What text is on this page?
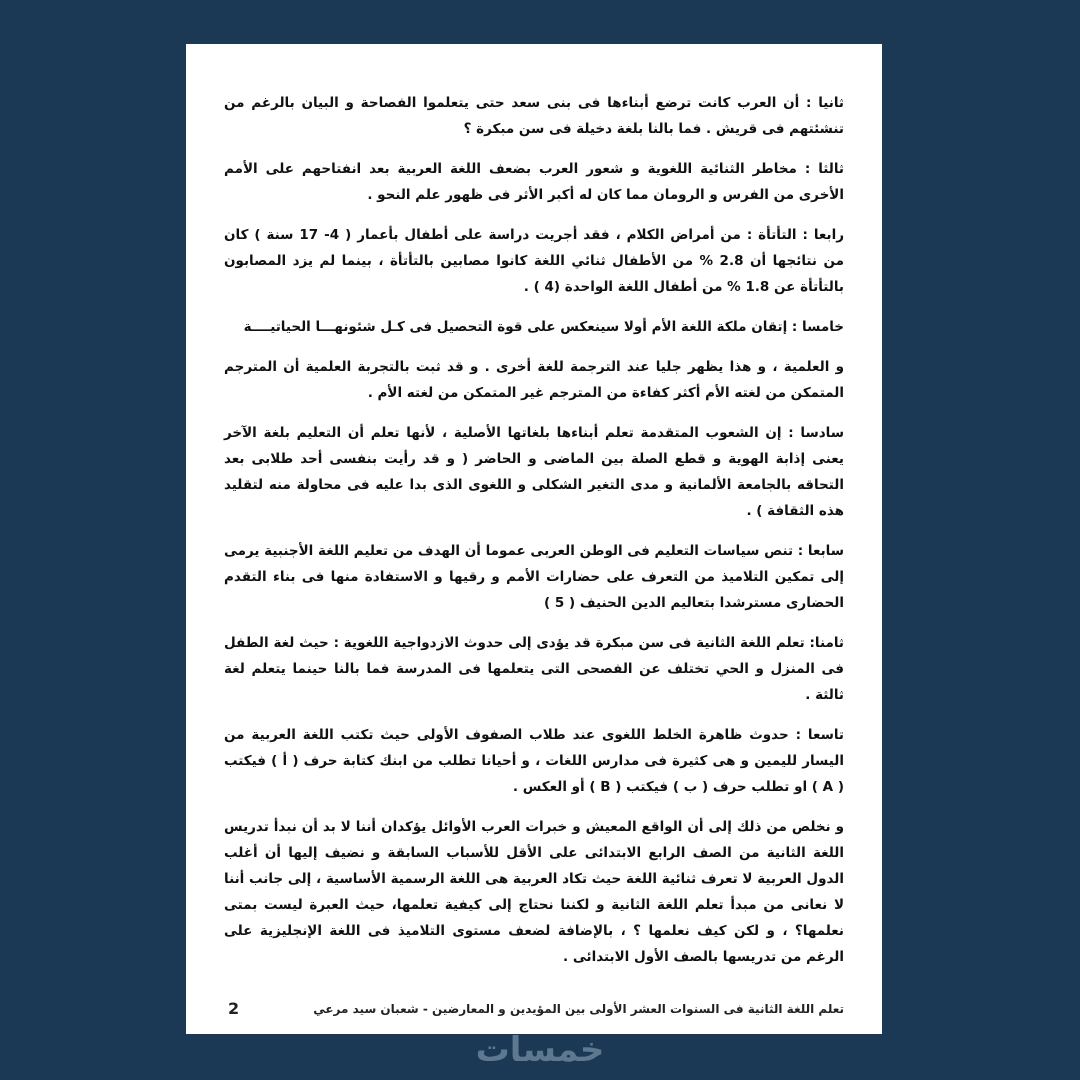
ثانيا : أن العرب كانت ترضع أبناءها فى بنى سعد حتى يتعلموا الفصاحة و البيان بالرغم من تنشئتهم فى قريش . فما بالنا بلغة دخيلة فى سن مبكرة ؟

ثالثا : مخاطر الثنائية اللغوية و شعور العرب بضعف اللغة العربية بعد انفتاحهم على الأمم الأخرى من الفرس و الرومان مما كان له أكبر الأثر فى ظهور علم النحو .

رابعا : التأتأة : من أمراض الكلام ، فقد أجريت دراسة على أطفال بأعمار ( 4- 17 سنة ) كان من نتائجها أن 2.8 % من الأطفال ثنائي اللغة كانوا مصابين بالتأتأة ، بينما لم يزد المصابون بالتأتأة عن 1.8 % من أطفال اللغة الواحدة (4 ) .

خامسا : إتقان ملكة اللغة الأم أولا سينعكس على قوة التحصيل فى كـل شئونهـــا الحياتيــــة

و العلمية ، و هذا يظهر جليا عند الترجمة للغة أخرى . و قد ثبت بالتجربة العلمية أن المترجم المتمكن من لغته الأم أكثر كفاءة من المترجم غير المتمكن من لغته الأم .

سادسا : إن الشعوب المتقدمة تعلم أبناءها بلغاتها الأصلية ، لأنها تعلم أن التعليم بلغة الآخر يعنى إذابة الهوية و قطع الصلة بين الماضى و الحاضر ( و قد رأيت بنفسى أحد طلابى بعد التحاقه بالجامعة الألمانية و مدى التغير الشكلى و اللغوى الذى بدا عليه فى محاولة منه لتقليد هذه الثقافة ) .

سابعا : تنص سياسات التعليم فى الوطن العربى عموما أن الهدف من تعليم اللغة الأجنبية يرمى إلى تمكين التلاميذ من التعرف على حضارات الأمم و رقيها و الاستفادة منها فى بناء التقدم الحضارى مسترشدا بتعاليم الدين الحنيف ( 5 )

ثامنا: تعلم اللغة الثانية فى سن مبكرة قد يؤدى إلى حدوث الازدواجية اللغوية : حيث لغة الطفل فى المنزل و الحي تختلف عن الفصحى التى يتعلمها فى المدرسة فما بالنا حينما يتعلم لغة ثالثة .

تاسعا : حدوث ظاهرة الخلط اللغوى عند طلاب الصفوف الأولى حيث تكتب اللغة العربية من اليسار لليمين و هى كثيرة فى مدارس اللغات ، و أحيانا تطلب من ابنك كتابة حرف ( أ ) فيكتب ( A ) او تطلب حرف ( ب ) فيكتب ( B ) أو العكس .

و نخلص من ذلك إلى أن الواقع المعيش و خبرات العرب الأوائل يؤكدان أننا لا بد أن نبدأ تدريس اللغة الثانية من الصف الرابع الابتدائى على الأقل للأسباب السابقة و نضيف إليها أن أغلب الدول العربية لا تعرف ثنائية اللغة حيث تكاد العربية هى اللغة الرسمية الأساسية ، إلى جانب أننا لا نعانى من مبدأ تعلم اللغة الثانية و لكننا نحتاج إلى كيفية تعلمها، حيث العبرة ليست بمتى نعلمها؟ ، و لكن كيف نعلمها ؟ ، بالإضافة لضعف مستوى التلاميذ فى اللغة الإنجليزية على الرغم من تدريسها بالصف الأول الابتدائى .

تعلم اللغة الثانية فى السنوات العشر الأولى بين المؤيدين و المعارضين - شعبان سيد مرعي
2
خمسات
